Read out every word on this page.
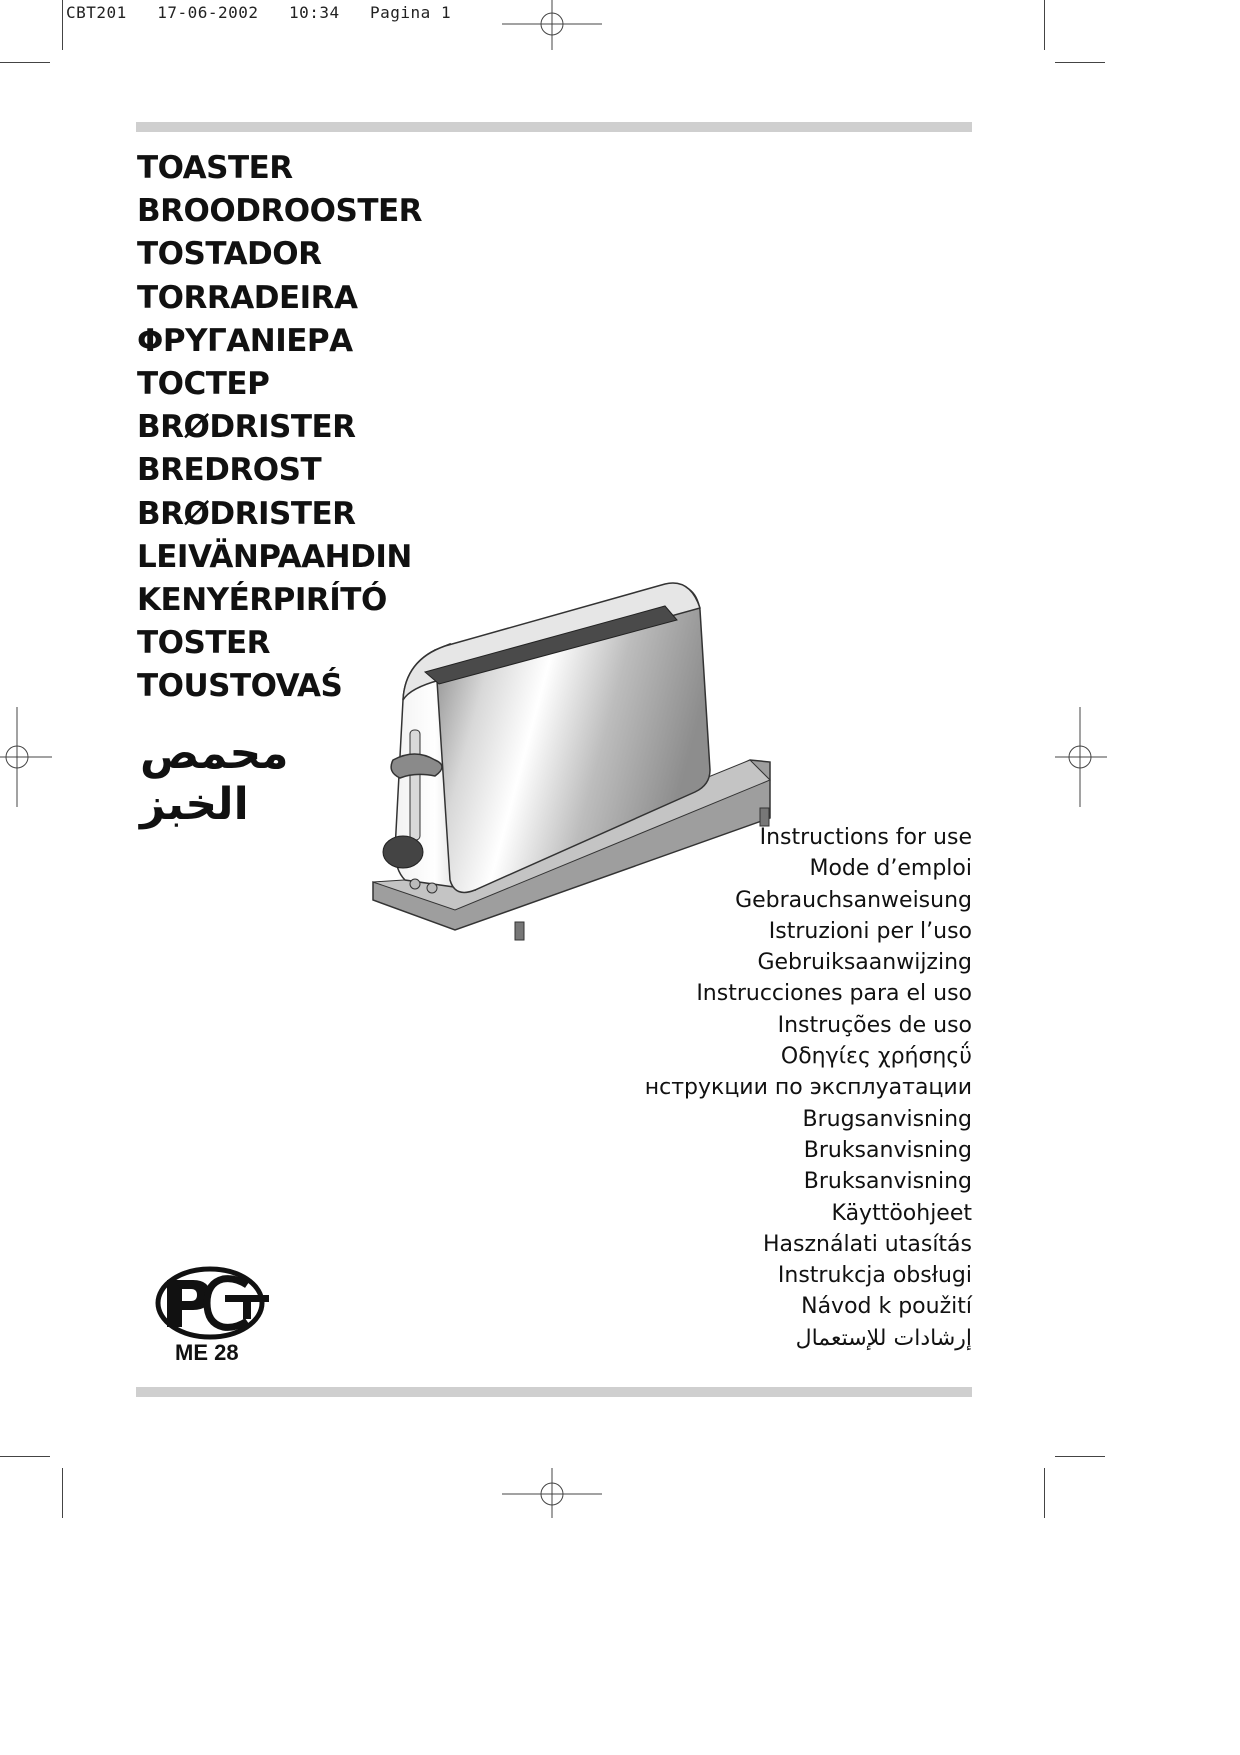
CBT201 17-06-2002 10:34 Pagina 1
TOASTER
BROODROOSTER
TOSTADOR
TORRADEIRA
ΦΡΥΓΑΝΙΕΡΑ
ТОСТЕР
BRØDRISTER
BREDROST
BRØDRISTER
LEIVÄNPAAHDIN
KENYÉRPIRÍTÓ
TOSTER
TOUSTOVAŚ
محمص الخبز
Instructions for use
Mode d’emploi
Gebrauchsanweisung
Istruzioni per l’uso
Gebruiksaanwijzing
Instrucciones para el uso
Instruções de uso
Οδηγίες χρήσηςΰ
нструкции по эксплуатации
Brugsanvisning
Bruksanvisning
Bruksanvisning
Käyttöohjeet
Használati utasítás
Instrukcja obsługi
Návod k použití
إرشادات للإستعمال
ME 28
